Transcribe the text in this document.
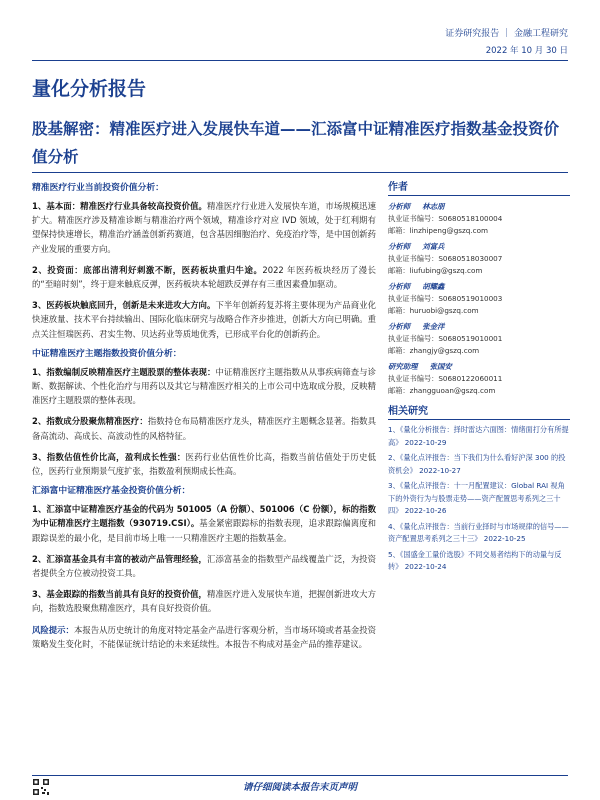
证券研究报告 ｜ 金融工程研究
2022 年 10 月 30 日
量化分析报告
股基解密：精准医疗进入发展快车道——汇添富中证精准医疗指数基金投资价值分析
精准医疗行业当前投资价值分析：

1、基本面：精准医疗行业具备较高投资价值。精准医疗行业进入发展快车道，市场规模迅速扩大。精准医疗涉及精准诊断与精准治疗两个领域，精准诊疗对应 IVD 领域，处于红利期有望保持快速增长，精准治疗涵盖创新药赛道，包含基因细胞治疗、免疫治疗等，是中国创新药产业发展的重要方向。

2、投资面：底部出清利好刺激不断，医药板块重归牛途。2022 年医药板块经历了漫长的“至暗时刻”，终于迎来触底反弹，医药板块本轮超跌反弹存有三重因素叠加驱动。

3、医药板块触底回升，创新是未来进攻大方向。下半年创新药复苏将主要体现为产品商业化快速放量、技术平台持续输出、国际化临床研究与战略合作齐步推进，创新大方向已明确。重点关注恒瑞医药、君实生物、贝达药业等质地优秀，已形成平台化的创新药企。

中证精准医疗主题指数投资价值分析：

1、指数编制反映精准医疗主题股票的整体表现：中证精准医疗主题指数从从事疾病筛查与诊断、数据解读、个性化治疗与用药以及其它与精准医疗相关的上市公司中选取成分股，反映精准医疗主题股票的整体表现。

2、指数成分股聚焦精准医疗：指数持仓布局精准医疗龙头，精准医疗主题概念显著。指数具备高流动、高成长、高波动性的风格特征。

3、指数估值性价比高，盈利成长性强：医药行业估值性价比高，指数当前估值处于历史低位，医药行业预期景气度扩张，指数盈利预期成长性高。

汇添富中证精准医疗基金投资价值分析：

1、汇添富中证精准医疗基金的代码为 501005（A 份额）、501006（C 份额），标的指数为中证精准医疗主题指数（930719.CSI）。基金紧密跟踪标的指数表现，追求跟踪偏离度和跟踪误差的最小化，是目前市场上唯一一只精准医疗主题的指数基金。

2、汇添富基金具有丰富的被动产品管理经验，汇添富基金的指数型产品线覆盖广泛，为投资者提供全方位被动投资工具。

3、基金跟踪的指数当前具有良好的投资价值，精准医疗进入发展快车道，把握创新进攻大方向，指数选股聚焦精准医疗，具有良好投资价值。

风险提示：本报告从历史统计的角度对特定基金产品进行客观分析，当市场环境或者基金投资策略发生变化时，不能保证统计结论的未来延续性。本报告不构成对基金产品的推荐建议。
作者
分析师 林志朋
执业证书编号：S0680518100004
邮箱：linzhipeng@gszq.com
分析师 刘富兵
执业证书编号：S0680518030007
邮箱：liufubing@gszq.com
分析师 胡耀鑫
执业证书编号：S0680519010003
邮箱：huruobi@gszq.com
分析师 张金洋
执业证书编号：S0680519010001
邮箱：zhangjy@gszq.com
研究助理 张国安
执业证书编号：S0680122060011
邮箱：zhangguoan@gszq.com
相关研究
1、《量化分析报告：择时雷达六面图：情绪面打分有所提高》 2022-10-29
2、《量化点评报告：当下我们为什么看好沪深 300 的投资机会》 2022-10-27
3、《量化点评报告：十一月配置建议：Global RAI 视角下的外资行为与股票走势——资产配置思考系列之三十四》 2022-10-26
4、《量化点评报告：当前行业择时与市场规律的信号——资产配置思考系列之三十三》 2022-10-25
5、《国盛金工量价选股》不同交易者结构下的动量与反转》 2022-10-24
请仔细阅读本报告末页声明
